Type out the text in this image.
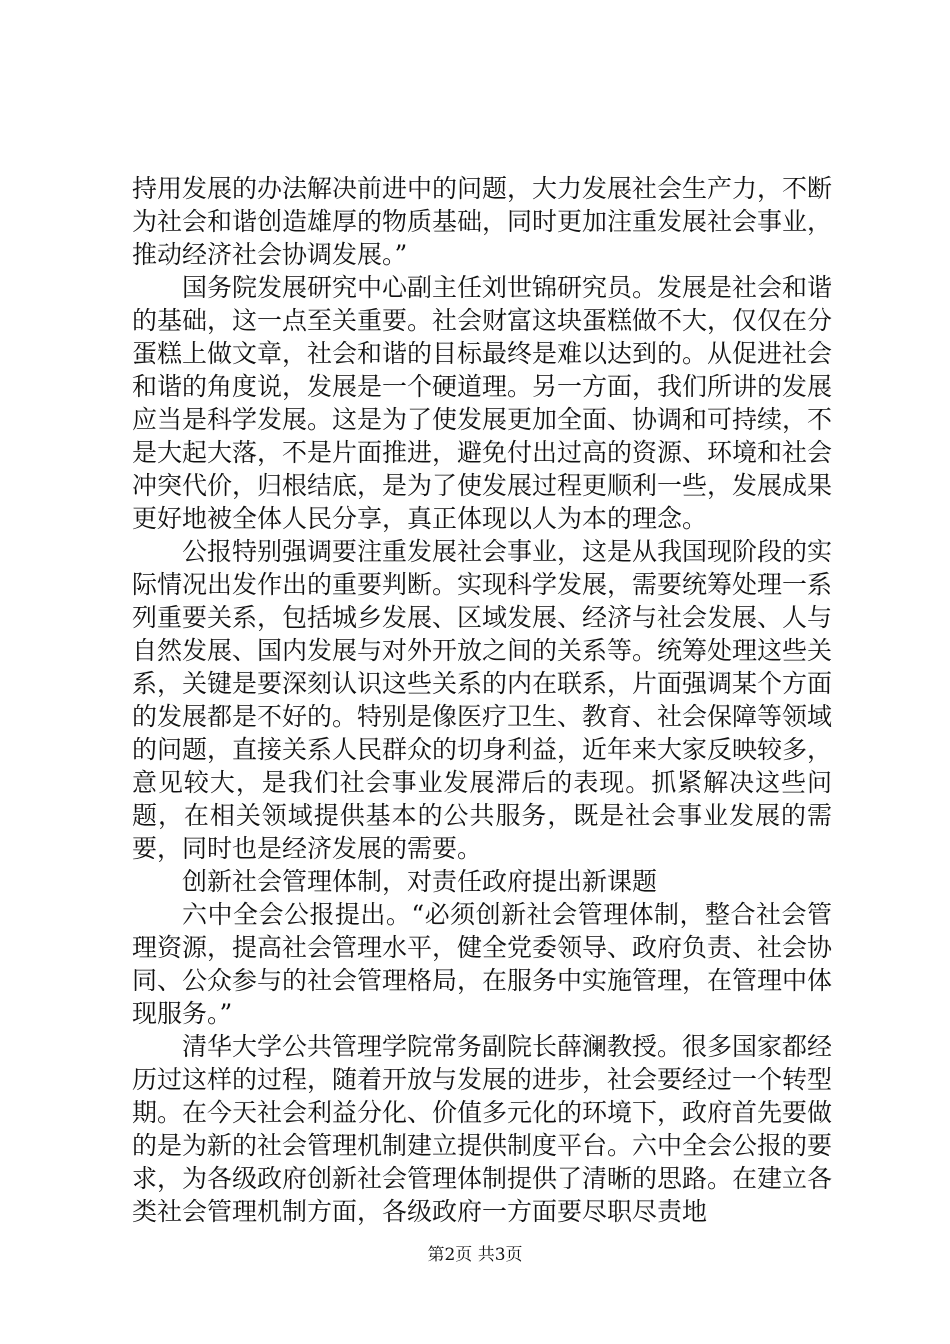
持用发展的办法解决前进中的问题，大力发展社会生产力，不断为社会和谐创造雄厚的物质基础，同时更加注重发展社会事业，推动经济社会协调发展。”

国务院发展研究中心副主任刘世锦研究员。发展是社会和谐的基础，这一点至关重要。社会财富这块蛋糕做不大，仅仅在分蛋糕上做文章，社会和谐的目标最终是难以达到的。从促进社会和谐的角度说，发展是一个硬道理。另一方面，我们所讲的发展应当是科学发展。这是为了使发展更加全面、协调和可持续，不是大起大落，不是片面推进，避免付出过高的资源、环境和社会冲突代价，归根结底，是为了使发展过程更顺利一些，发展成果更好地被全体人民分享，真正体现以人为本的理念。

公报特别强调要注重发展社会事业，这是从我国现阶段的实际情况出发作出的重要判断。实现科学发展，需要统筹处理一系列重要关系，包括城乡发展、区域发展、经济与社会发展、人与自然发展、国内发展与对外开放之间的关系等。统筹处理这些关系，关键是要深刻认识这些关系的内在联系，片面强调某个方面的发展都是不好的。特别是像医疗卫生、教育、社会保障等领域的问题，直接关系人民群众的切身利益，近年来大家反映较多，意见较大，是我们社会事业发展滞后的表现。抓紧解决这些问题，在相关领域提供基本的公共服务，既是社会事业发展的需要，同时也是经济发展的需要。

创新社会管理体制，对责任政府提出新课题

六中全会公报提出。“必须创新社会管理体制，整合社会管理资源，提高社会管理水平，健全党委领导、政府负责、社会协同、公众参与的社会管理格局，在服务中实施管理，在管理中体现服务。”

清华大学公共管理学院常务副院长薛澜教授。很多国家都经历过这样的过程，随着开放与发展的进步，社会要经过一个转型期。在今天社会利益分化、价值多元化的环境下，政府首先要做的是为新的社会管理机制建立提供制度平台。六中全会公报的要求，为各级政府创新社会管理体制提供了清晰的思路。在建立各类社会管理机制方面，各级政府一方面要尽职尽责地

第2页 共3页
